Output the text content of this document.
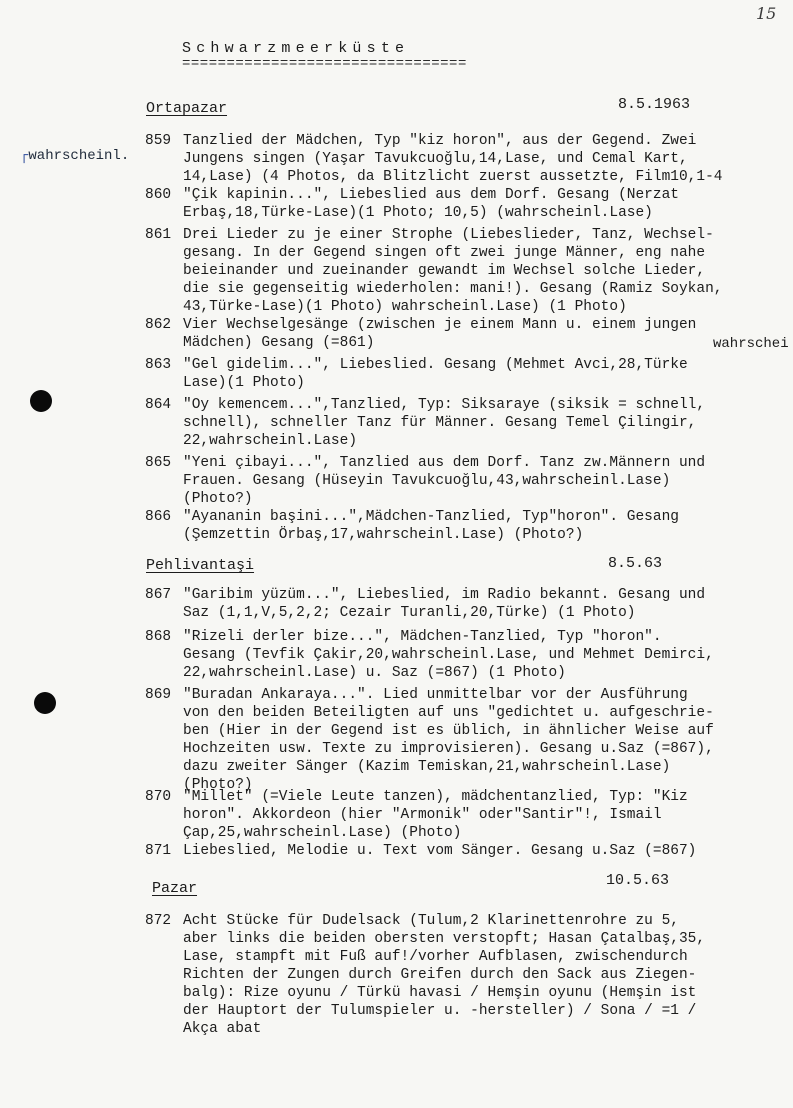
15
Schwarzmeerküste
================================
┌wahrscheinl.
wahrschei
Ortapazar	8.5.1963
859 Tanzlied der Mädchen, Typ "kiz horon", aus der Gegend. Zwei
Jungens singen (Yaşar Tavukcuoğlu,14,Lase, und Cemal Kart,
14,Lase) (4 Photos, da Blitzlicht zuerst aussetzte, Film10,1-4
860 "Çik kapinin...", Liebeslied aus dem Dorf. Gesang (Nerzat
Erbaş,18,Türke-Lase)(1 Photo; 10,5) (wahrscheinl.Lase)
861 Drei Lieder zu je einer Strophe (Liebeslieder, Tanz, Wechsel-
gesang. In der Gegend singen oft zwei junge Männer, eng nahe
beieinander und zueinander gewandt im Wechsel solche Lieder,
die sie gegenseitig wiederholen: mani!). Gesang (Ramiz Soykan,
43,Türke-Lase)(1 Photo) wahrscheinl.Lase) (1 Photo)
862 Vier Wechselgesänge (zwischen je einem Mann u. einem jungen
Mädchen) Gesang (=861)
863 "Gel gidelim...", Liebeslied. Gesang (Mehmet Avci,28,Türke
Lase)(1 Photo)
864 "Oy kemencem...",Tanzlied, Typ: Siksaraye (siksik = schnell,
schnell), schneller Tanz für Männer. Gesang Temel Çilingir,
22,wahrscheinl.Lase)
865 "Yeni çibayi...", Tanzlied aus dem Dorf. Tanz zw.Männern und
Frauen. Gesang (Hüseyin Tavukcuoğlu,43,wahrscheinl.Lase)
(Photo?)
866 "Ayananin başini...",Mädchen-Tanzlied, Typ"horon". Gesang
(Şemzettin Örbaş,17,wahrscheinl.Lase) (Photo?)
Pehlivantaşi	8.5.63
867 "Garibim yüzüm...", Liebeslied, im Radio bekannt. Gesang und
Saz (1,1,V,5,2,2; Cezair Turanli,20,Türke) (1 Photo)
868 "Rizeli derler bize...", Mädchen-Tanzlied, Typ "horon".
Gesang (Tevfik Çakir,20,wahrscheinl.Lase, und Mehmet Demirci,
22,wahrscheinl.Lase) u. Saz (=867) (1 Photo)
869 "Buradan Ankaraya...". Lied unmittelbar vor der Ausführung
von den beiden Beteiligten auf uns "gedichtet u. aufgeschrie-
ben (Hier in der Gegend ist es üblich, in ähnlicher Weise auf
Hochzeiten usw. Texte zu improvisieren). Gesang u.Saz (=867),
dazu zweiter Sänger (Kazim Temiskan,21,wahrscheinl.Lase)
(Photo?)
870 "Millet" (=Viele Leute tanzen), mädchentanzlied, Typ: "Kiz
horon". Akkordeon (hier "Armonik" oder"Santir"!, Ismail
Çap,25,wahrscheinl.Lase) (Photo)
871 Liebeslied, Melodie u. Text vom Sänger. Gesang u.Saz (=867)
Pazar	10.5.63
872 Acht Stücke für Dudelsack (Tulum,2 Klarinettenrohre zu 5,
aber links die beiden obersten verstopft; Hasan Çatalbaş,35,
Lase, stampft mit Fuß auf!/vorher Aufblasen, zwischendurch
Richten der Zungen durch Greifen durch den Sack aus Ziegen-
balg): Rize oyunu / Türkü havasi / Hemşin oyunu (Hemşin ist
der Hauptort der Tulumspieler u. -hersteller) / Sona / =1 /
Akça abat
